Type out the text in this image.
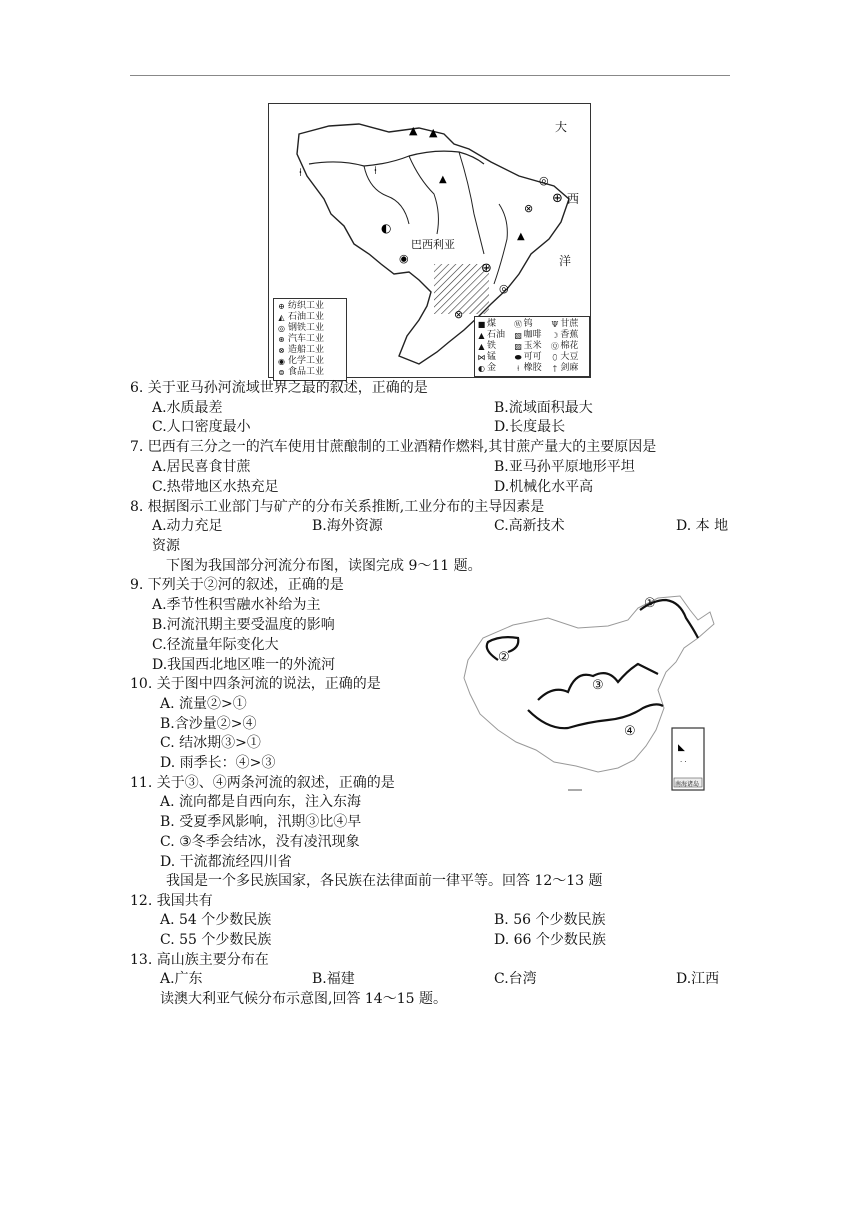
▲
▲
▲
⍿
⍿
◎
⊕
⊗
◐
▲
⊕
◎
⊗
◉
大
西
洋
巴西利亚
⊕ 纺织工业
◭ 石油工业
◎ 钢铁工业
⊛ 汽车工业
⊗ 造船工业
◉ 化学工业
⊜ 食品工业
■ 煤 Ⓦ 钨 Ψ 甘蔗
▲ 石油 ▧ 咖啡 ☽ 香蕉
▲ 铁 ▨ 玉米 Ⓠ 棉花
⋈ 锰 ⬬ 可可 ⬯ 大豆
◐ 金	⍿ 橡胶	† 剑麻
6. 关于亚马孙河流域世界之最的叙述，正确的是
A.水质最差	B.流域面积最大
C.人口密度最小	D.长度最长
7. 巴西有三分之一的汽车使用甘蔗酿制的工业酒精作燃料,其甘蔗产量大的主要原因是
A.居民喜食甘蔗	B.亚马孙平原地形平坦
C.热带地区水热充足	D.机械化水平高
8. 根据图示工业部门与矿产的分布关系推断,工业分布的主导因素是
A.动力充足	B.海外资源	C.高新技术	D. 本 地
资源
下图为我国部分河流分布图，读图完成 9～11 题。
9. 下列关于②河的叙述，正确的是
A.季节性积雪融水补给为主
B.河流汛期主要受温度的影响
C.径流量年际变化大
D.我国西北地区唯一的外流河
10. 关于图中四条河流的说法，正确的是
A. 流量②>①
B.含沙量②>④
C. 结冰期③>①
D. 雨季长：④>③
11. 关于③、④两条河流的叙述，正确的是
A. 流向都是自西向东，注入东海
B. 受夏季风影响，汛期③比④早
C. ③冬季会结冰，没有凌汛现象
D. 干流都流经四川省
◣
· ·
①
②
③
④
南海诸岛
我国是一个多民族国家，各民族在法律面前一律平等。回答 12～13 题
12. 我国共有
A. 54 个少数民族	B. 56 个少数民族
C. 55 个少数民族	D. 66 个少数民族
13. 高山族主要分布在
A.广东	B.福建	C.台湾	D.江西
读澳大利亚气候分布示意图,回答 14～15 题。
